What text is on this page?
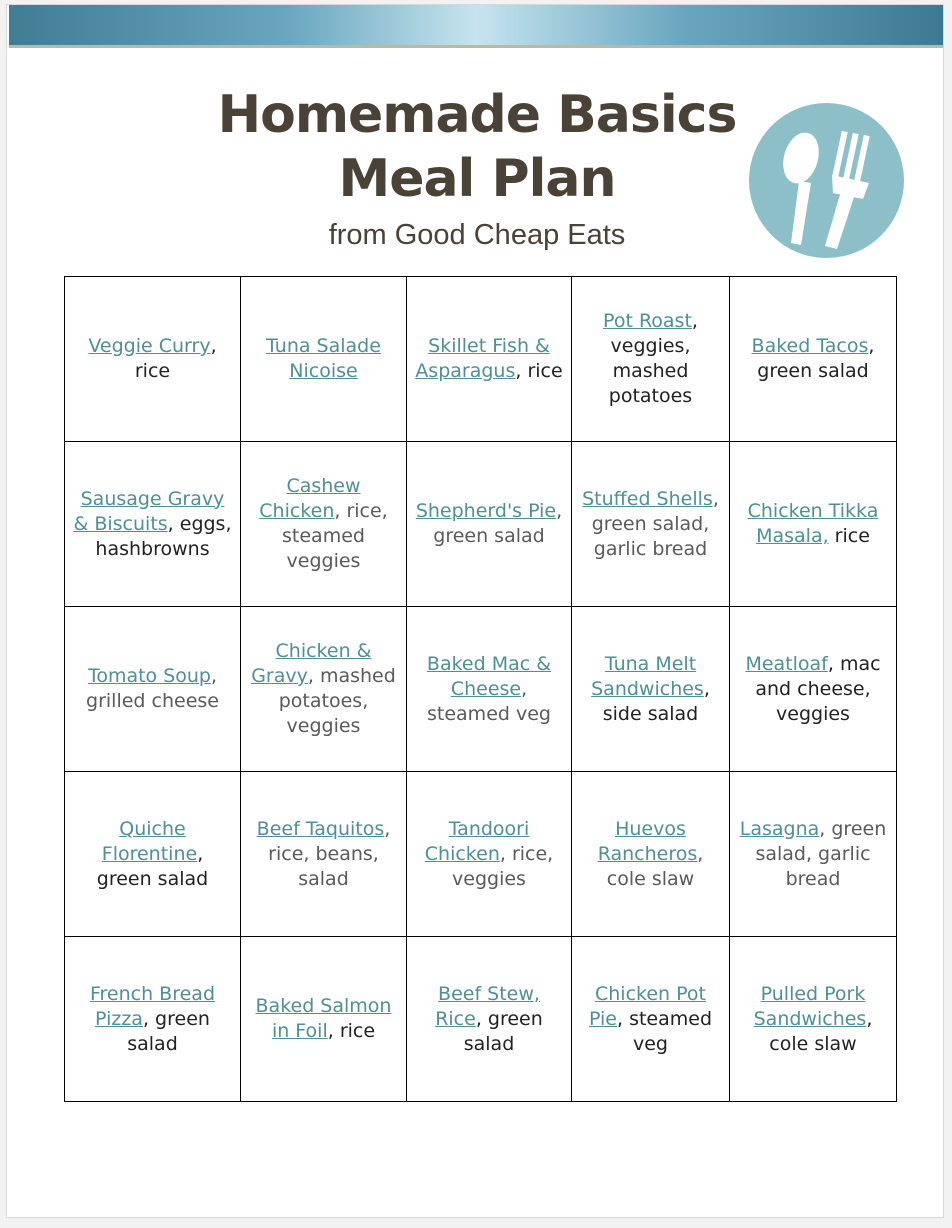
Homemade Basics
Meal Plan
from Good Cheap Eats
Veggie Curry, rice	Tuna Salade Nicoise	Skillet Fish & Asparagus, rice	Pot Roast, veggies, mashed potatoes	Baked Tacos, green salad
Sausage Gravy & Biscuits, eggs, hashbrowns	Cashew Chicken, rice, steamed veggies	Shepherd's Pie, green salad	Stuffed Shells, green salad, garlic bread	Chicken Tikka Masala, rice
Tomato Soup, grilled cheese	Chicken & Gravy, mashed potatoes, veggies	Baked Mac & Cheese, steamed veg	Tuna Melt Sandwiches, side salad	Meatloaf, mac and cheese, veggies
Quiche Florentine, green salad	Beef Taquitos, rice, beans, salad	Tandoori Chicken, rice, veggies	Huevos Rancheros, cole slaw	Lasagna, green salad, garlic bread
French Bread Pizza, green salad	Baked Salmon in Foil, rice	Beef Stew, Rice, green salad	Chicken Pot Pie, steamed veg	Pulled Pork Sandwiches, cole slaw
